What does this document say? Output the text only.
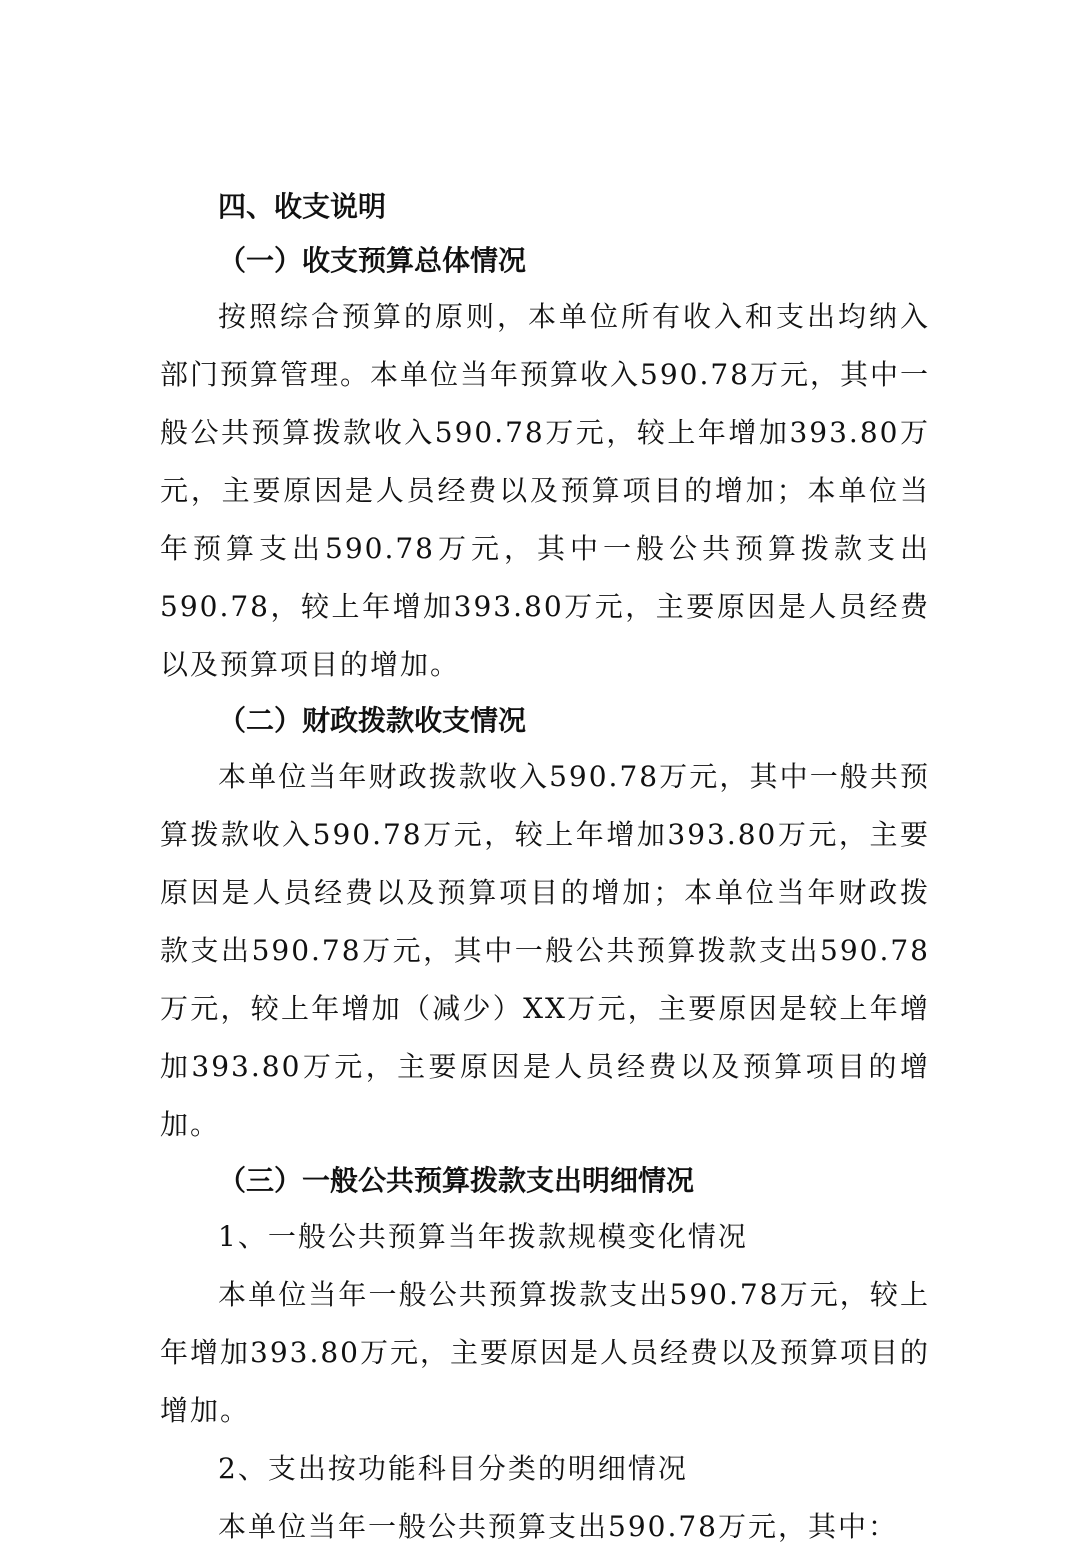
四、收支说明
（一）收支预算总体情况

按照综合预算的原则，本单位所有收入和支出均纳入部门预算管理。本单位当年预算收入590.78万元，其中一般公共预算拨款收入590.78万元，较上年增加393.80万元，主要原因是人员经费以及预算项目的增加；本单位当年预算支出590.78万元，其中一般公共预算拨款支出590.78，较上年增加393.80万元，主要原因是人员经费以及预算项目的增加。

（二）财政拨款收支情况

本单位当年财政拨款收入590.78万元，其中一般共预算拨款收入590.78万元，较上年增加393.80万元，主要原因是人员经费以及预算项目的增加；本单位当年财政拨款支出590.78万元，其中一般公共预算拨款支出590.78万元，较上年增加（减少）XX万元，主要原因是较上年增加393.80万元，主要原因是人员经费以及预算项目的增加。

（三）一般公共预算拨款支出明细情况

1、一般公共预算当年拨款规模变化情况

本单位当年一般公共预算拨款支出590.78万元，较上年增加393.80万元，主要原因是人员经费以及预算项目的增加。

2、支出按功能科目分类的明细情况

本单位当年一般公共预算支出590.78万元，其中：
